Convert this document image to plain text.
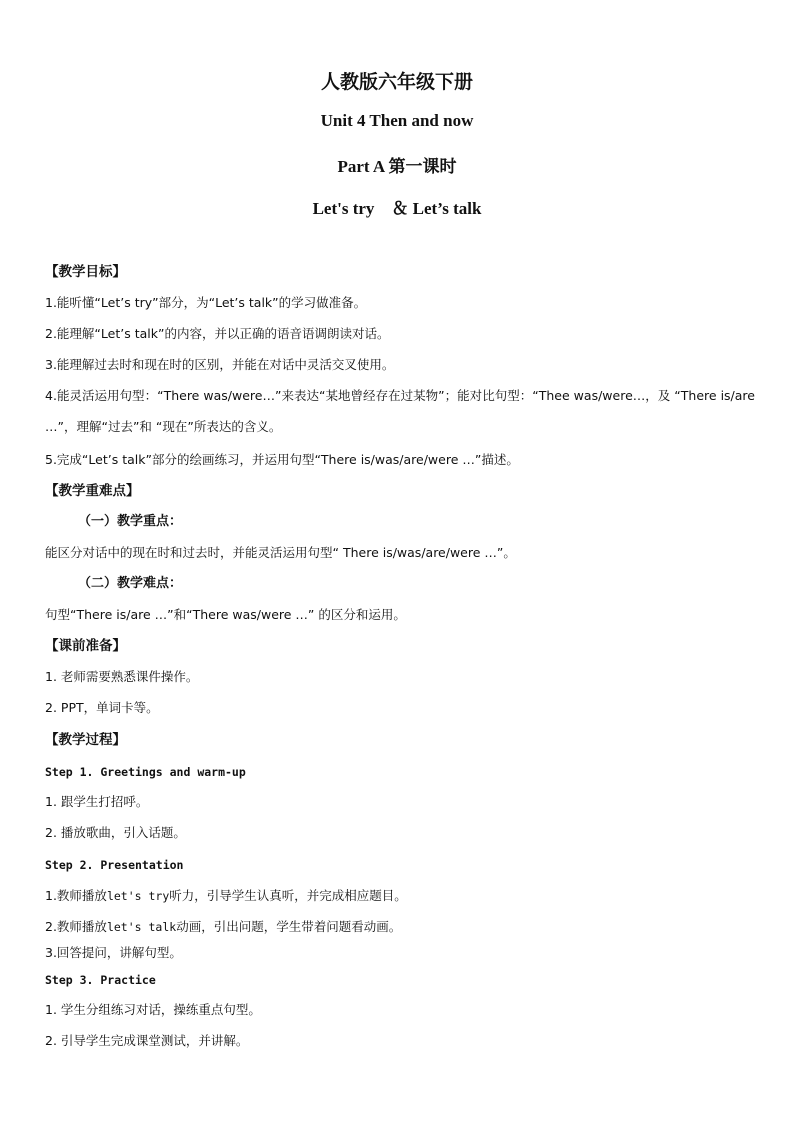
人教版六年级下册
Unit 4 Then and now
Part A 第一课时
Let's try　＆ Let’s talk
【教学目标】
1.能听懂“Let’s try”部分，为“Let’s talk”的学习做准备。
2.能理解“Let’s talk”的内容，并以正确的语音语调朗读对话。
3.能理解过去时和现在时的区别，并能在对话中灵活交叉使用。
4.能灵活运用句型：“There was/were…”来表达“某地曾经存在过某物”；能对比句型：“Thee was/were…，及 “There is/are …”，理解“过去”和 “现在”所表达的含义。
5.完成“Let’s talk”部分的绘画练习，并运用句型“There is/was/are/were …”描述。
【教学重难点】
（一）教学重点：
能区分对话中的现在时和过去时，并能灵活运用句型“ There is/was/are/were …”。
（二）教学难点：
句型“There is/are …”和“There was/were …” 的区分和运用。
【课前准备】
1. 老师需要熟悉课件操作。
2. PPT，单词卡等。
【教学过程】
Step 1. Greetings and warm-up
1. 跟学生打招呼。
2. 播放歌曲，引入话题。
Step 2. Presentation
1.教师播放let's try听力，引导学生认真听，并完成相应题目。
2.教师播放let's talk动画，引出问题，学生带着问题看动画。
3.回答提问，讲解句型。
Step 3. Practice
1. 学生分组练习对话，操练重点句型。
2. 引导学生完成课堂测试，并讲解。
